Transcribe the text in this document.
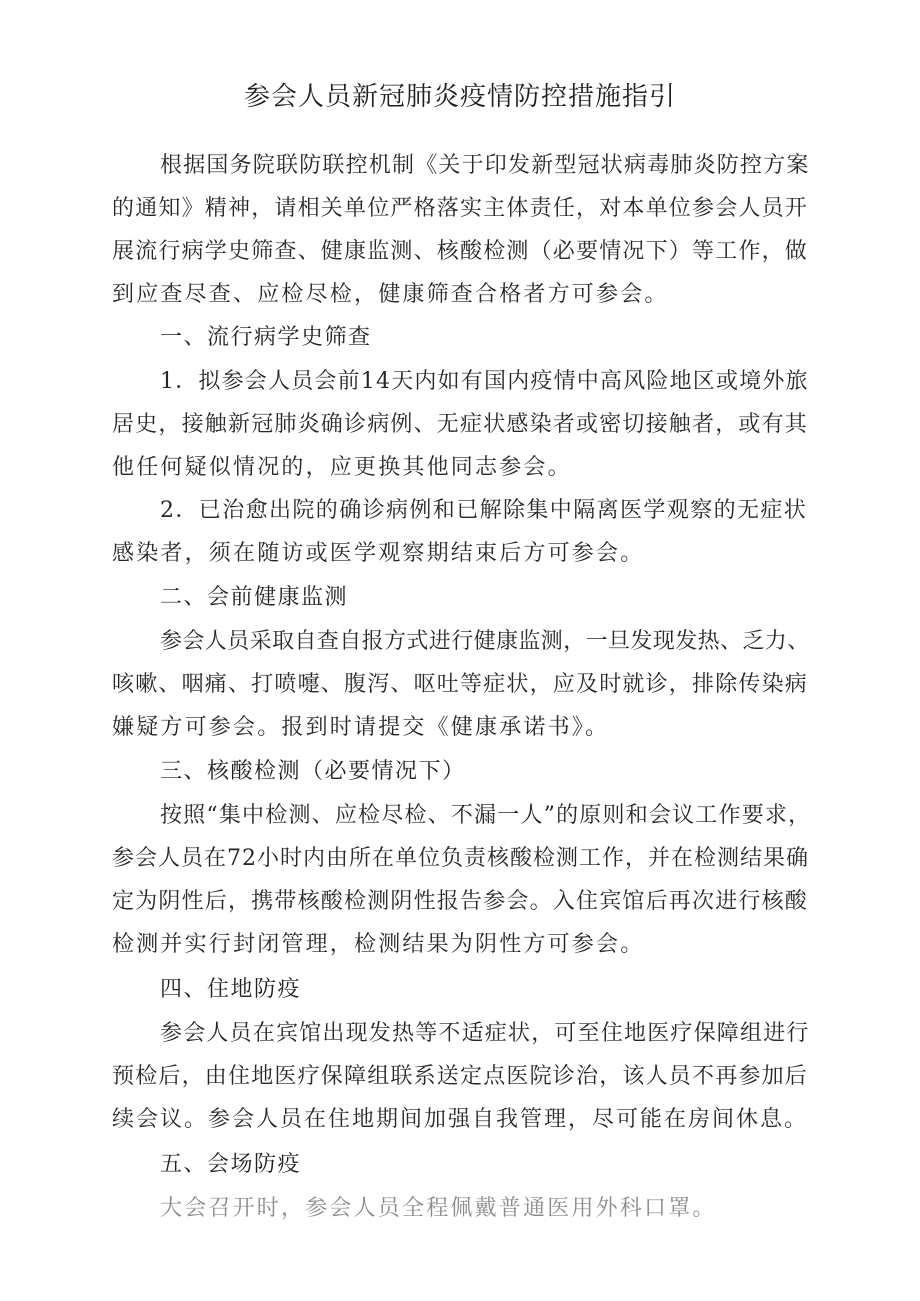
参会人员新冠肺炎疫情防控措施指引
根据国务院联防联控机制《关于印发新型冠状病毒肺炎防控方案
的通知》精神，请相关单位严格落实主体责任，对本单位参会人员开
展流行病学史筛查、健康监测、核酸检测（必要情况下）等工作，做
到应查尽查、应检尽检，健康筛查合格者方可参会。
一、流行病学史筛查
1．拟参会人员会前14天内如有国内疫情中高风险地区或境外旅
居史，接触新冠肺炎确诊病例、无症状感染者或密切接触者，或有其
他任何疑似情况的，应更换其他同志参会。
2．已治愈出院的确诊病例和已解除集中隔离医学观察的无症状
感染者，须在随访或医学观察期结束后方可参会。
二、会前健康监测
参会人员采取自查自报方式进行健康监测，一旦发现发热、乏力、
咳嗽、咽痛、打喷嚏、腹泻、呕吐等症状，应及时就诊，排除传染病
嫌疑方可参会。报到时请提交《健康承诺书》。
三、核酸检测（必要情况下）
按照“集中检测、应检尽检、不漏一人”的原则和会议工作要求，
参会人员在72小时内由所在单位负责核酸检测工作，并在检测结果确
定为阴性后，携带核酸检测阴性报告参会。入住宾馆后再次进行核酸
检测并实行封闭管理，检测结果为阴性方可参会。
四、住地防疫
参会人员在宾馆出现发热等不适症状，可至住地医疗保障组进行
预检后，由住地医疗保障组联系送定点医院诊治，该人员不再参加后
续会议。参会人员在住地期间加强自我管理，尽可能在房间休息。
五、会场防疫
大会召开时，参会人员全程佩戴普通医用外科口罩。
